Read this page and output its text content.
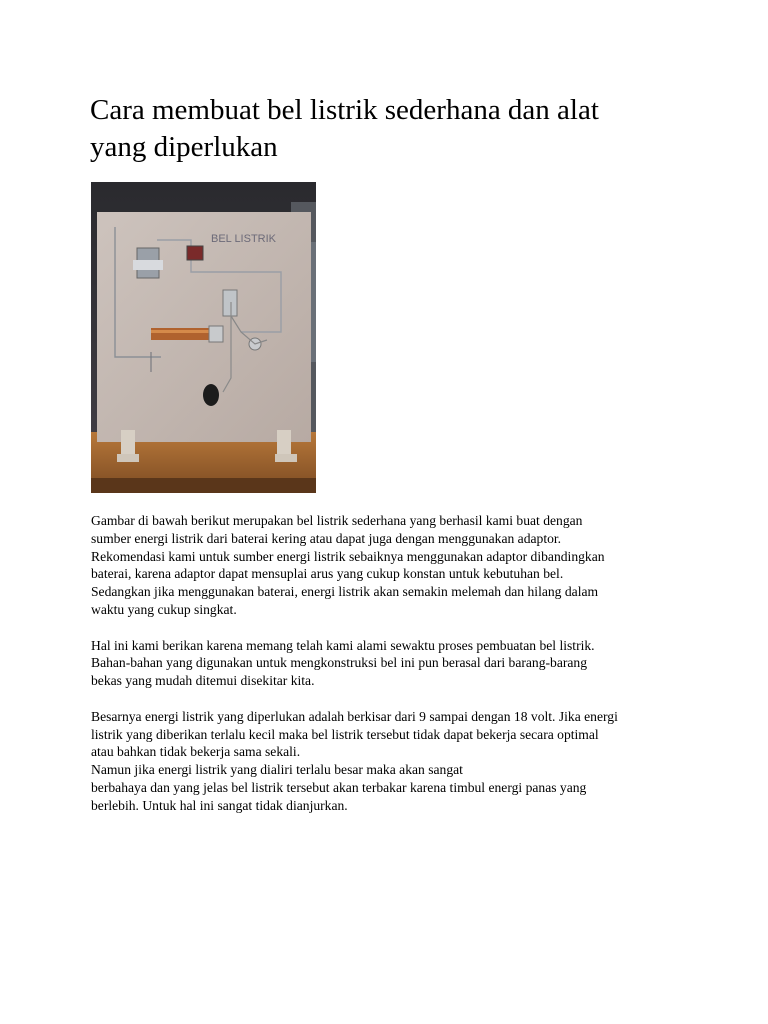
Cara membuat bel listrik sederhana dan alat
yang diperlukan
BEL LISTRIK

Gambar di bawah berikut merupakan bel listrik sederhana yang berhasil kami buat dengan
sumber energi listrik dari baterai kering atau dapat juga dengan menggunakan adaptor.
Rekomendasi kami untuk sumber energi listrik sebaiknya menggunakan adaptor dibandingkan
baterai, karena adaptor dapat mensuplai arus yang cukup konstan untuk kebutuhan bel.
Sedangkan jika menggunakan baterai, energi listrik akan semakin melemah dan hilang dalam
waktu yang cukup singkat.

Hal ini kami berikan karena memang telah kami alami sewaktu proses pembuatan bel listrik.
Bahan-bahan yang digunakan untuk mengkonstruksi bel ini pun berasal dari barang-barang
bekas yang mudah ditemui disekitar kita.

Besarnya energi listrik yang diperlukan adalah berkisar dari 9 sampai dengan 18 volt. Jika energi
listrik yang diberikan terlalu kecil maka bel listrik tersebut tidak dapat bekerja secara optimal
atau bahkan tidak bekerja sama sekali.
Namun jika energi listrik yang dialiri terlalu besar maka akan sangat
berbahaya dan yang jelas bel listrik tersebut akan terbakar karena timbul energi panas yang
berlebih. Untuk hal ini sangat tidak dianjurkan.
